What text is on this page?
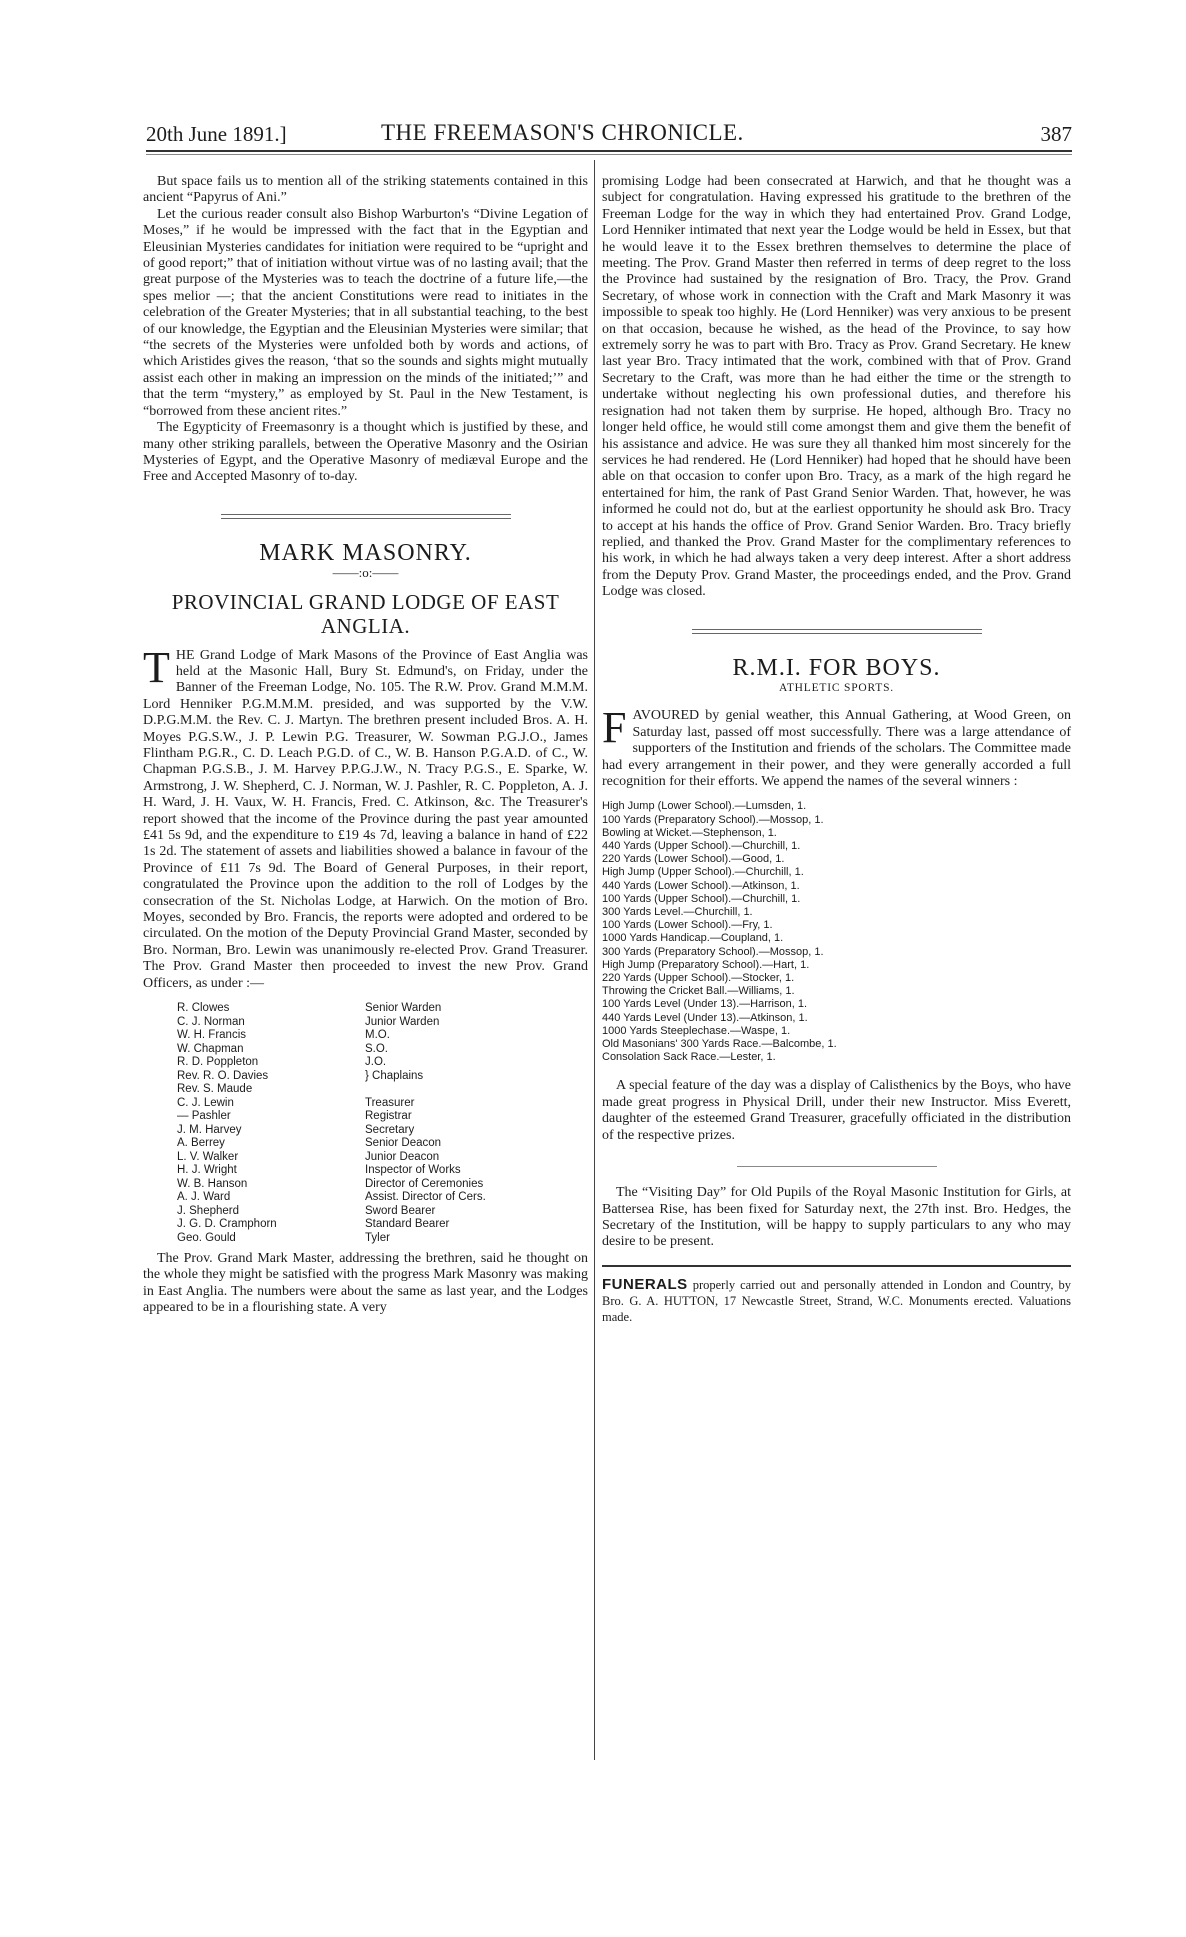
20th June 1891.]	THE FREEMASON'S CHRONICLE.	387

But space fails us to mention all of the striking statements contained in this ancient “Papyrus of Ani.”

Let the curious reader consult also Bishop Warburton's “Divine Legation of Moses,” if he would be impressed with the fact that in the Egyptian and Eleusinian Mysteries candidates for initiation were required to be “upright and of good report;” that of initiation without virtue was of no lasting avail; that the great purpose of the Mysteries was to teach the doctrine of a future life,—the spes melior —; that the ancient Constitutions were read to initiates in the celebration of the Greater Mysteries; that in all substantial teaching, to the best of our knowledge, the Egyptian and the Eleusinian Mysteries were similar; that “the secrets of the Mysteries were unfolded both by words and actions, of which Aristides gives the reason, ‘that so the sounds and sights might mutually assist each other in making an impression on the minds of the initiated;’” and that the term “mystery,” as employed by St. Paul in the New Testament, is “borrowed from these ancient rites.”

The Egypticity of Freemasonry is a thought which is justified by these, and many other striking parallels, between the Operative Masonry and the Osirian Mysteries of Egypt, and the Operative Masonry of mediæval Europe and the Free and Accepted Masonry of to-day.

MARK MASONRY.
——:o:——
PROVINCIAL GRAND LODGE OF EAST ANGLIA.

THE Grand Lodge of Mark Masons of the Province of East Anglia was held at the Masonic Hall, Bury St. Edmund's, on Friday, under the Banner of the Freeman Lodge, No. 105. The R.W. Prov. Grand M.M.M. Lord Henniker P.G.M.M.M. presided, and was supported by the V.W. D.P.G.M.M. the Rev. C. J. Martyn. The brethren present included Bros. A. H. Moyes P.G.S.W., J. P. Lewin P.G. Treasurer, W. Sowman P.G.J.O., James Flintham P.G.R., C. D. Leach P.G.D. of C., W. B. Hanson P.G.A.D. of C., W. Chapman P.G.S.B., J. M. Harvey P.P.G.J.W., N. Tracy P.G.S., E. Sparke, W. Armstrong, J. W. Shepherd, C. J. Norman, W. J. Pashler, R. C. Poppleton, A. J. H. Ward, J. H. Vaux, W. H. Francis, Fred. C. Atkinson, &c. The Treasurer's report showed that the income of the Province during the past year amounted £41 5s 9d, and the expenditure to £19 4s 7d, leaving a balance in hand of £22 1s 2d. The statement of assets and liabilities showed a balance in favour of the Province of £11 7s 9d. The Board of General Purposes, in their report, congratulated the Province upon the addition to the roll of Lodges by the consecration of the St. Nicholas Lodge, at Harwich. On the motion of Bro. Moyes, seconded by Bro. Francis, the reports were adopted and ordered to be circulated. On the motion of the Deputy Provincial Grand Master, seconded by Bro. Norman, Bro. Lewin was unanimously re-elected Prov. Grand Treasurer. The Prov. Grand Master then proceeded to invest the new Prov. Grand Officers, as under :—

R. Clowes	Senior Warden
C. J. Norman	Junior Warden
W. H. Francis	M.O.
W. Chapman	S.O.
R. D. Poppleton	J.O.
Rev. R. O. Davies	} Chaplains
Rev. S. Maude	
C. J. Lewin	Treasurer
— Pashler	Registrar
J. M. Harvey	Secretary
A. Berrey	Senior Deacon
L. V. Walker	Junior Deacon
H. J. Wright	Inspector of Works
W. B. Hanson	Director of Ceremonies
A. J. Ward	Assist. Director of Cers.
J. Shepherd	Sword Bearer
J. G. D. Cramphorn	Standard Bearer
Geo. Gould	Tyler

The Prov. Grand Mark Master, addressing the brethren, said he thought on the whole they might be satisfied with the progress Mark Masonry was making in East Anglia. The numbers were about the same as last year, and the Lodges appeared to be in a flourishing state. A very

promising Lodge had been consecrated at Harwich, and that he thought was a subject for congratulation. Having expressed his gratitude to the brethren of the Freeman Lodge for the way in which they had entertained Prov. Grand Lodge, Lord Henniker intimated that next year the Lodge would be held in Essex, but that he would leave it to the Essex brethren themselves to determine the place of meeting. The Prov. Grand Master then referred in terms of deep regret to the loss the Province had sustained by the resignation of Bro. Tracy, the Prov. Grand Secretary, of whose work in connection with the Craft and Mark Masonry it was impossible to speak too highly. He (Lord Henniker) was very anxious to be present on that occasion, because he wished, as the head of the Province, to say how extremely sorry he was to part with Bro. Tracy as Prov. Grand Secretary. He knew last year Bro. Tracy intimated that the work, combined with that of Prov. Grand Secretary to the Craft, was more than he had either the time or the strength to undertake without neglecting his own professional duties, and therefore his resignation had not taken them by surprise. He hoped, although Bro. Tracy no longer held office, he would still come amongst them and give them the benefit of his assistance and advice. He was sure they all thanked him most sincerely for the services he had rendered. He (Lord Henniker) had hoped that he should have been able on that occasion to confer upon Bro. Tracy, as a mark of the high regard he entertained for him, the rank of Past Grand Senior Warden. That, however, he was informed he could not do, but at the earliest opportunity he should ask Bro. Tracy to accept at his hands the office of Prov. Grand Senior Warden. Bro. Tracy briefly replied, and thanked the Prov. Grand Master for the complimentary references to his work, in which he had always taken a very deep interest. After a short address from the Deputy Prov. Grand Master, the proceedings ended, and the Prov. Grand Lodge was closed.

R.M.I. FOR BOYS.
ATHLETIC SPORTS.

FAVOURED by genial weather, this Annual Gathering, at Wood Green, on Saturday last, passed off most successfully. There was a large attendance of supporters of the Institution and friends of the scholars. The Committee made had every arrangement in their power, and they were generally accorded a full recognition for their efforts. We append the names of the several winners :

High Jump (Lower School).—Lumsden, 1.
100 Yards (Preparatory School).—Mossop, 1.
Bowling at Wicket.—Stephenson, 1.
440 Yards (Upper School).—Churchill, 1.
220 Yards (Lower School).—Good, 1.
High Jump (Upper School).—Churchill, 1.
440 Yards (Lower School).—Atkinson, 1.
100 Yards (Upper School).—Churchill, 1.
300 Yards Level.—Churchill, 1.
100 Yards (Lower School).—Fry, 1.
1000 Yards Handicap.—Coupland, 1.
300 Yards (Preparatory School).—Mossop, 1.
High Jump (Preparatory School).—Hart, 1.
220 Yards (Upper School).—Stocker, 1.
Throwing the Cricket Ball.—Williams, 1.
100 Yards Level (Under 13).—Harrison, 1.
440 Yards Level (Under 13).—Atkinson, 1.
1000 Yards Steeplechase.—Waspe, 1.
Old Masonians' 300 Yards Race.—Balcombe, 1.
Consolation Sack Race.—Lester, 1.

A special feature of the day was a display of Calisthenics by the Boys, who have made great progress in Physical Drill, under their new Instructor. Miss Everett, daughter of the esteemed Grand Treasurer, gracefully officiated in the distribution of the respective prizes.

The “Visiting Day” for Old Pupils of the Royal Masonic Institution for Girls, at Battersea Rise, has been fixed for Saturday next, the 27th inst. Bro. Hedges, the Secretary of the Institution, will be happy to supply particulars to any who may desire to be present.

FUNERALS properly carried out and personally attended in London and Country, by Bro. G. A. HUTTON, 17 Newcastle Street, Strand, W.C. Monuments erected. Valuations made.
